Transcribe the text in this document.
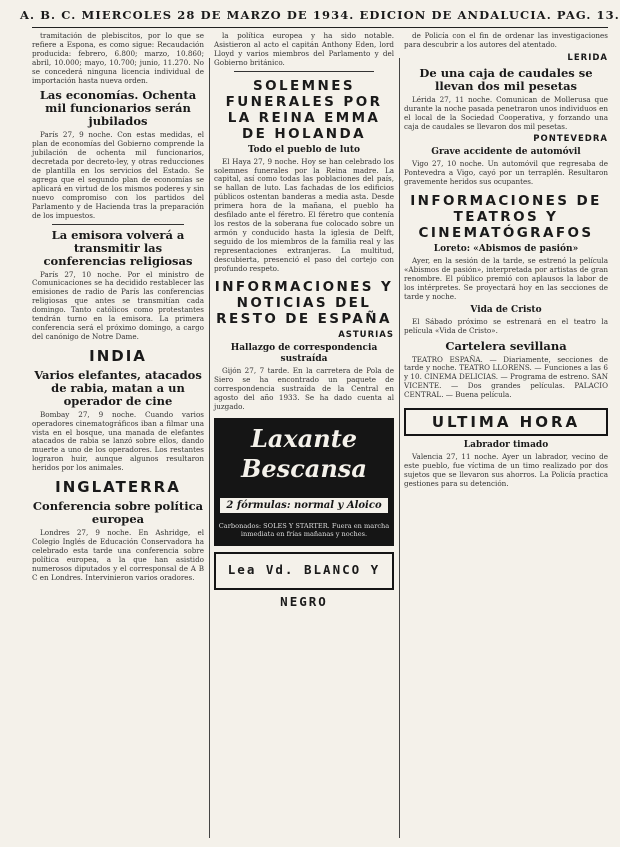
A. B. C. MIERCOLES 28 DE MARZO DE 1934. EDICION DE ANDALUCIA. PAG. 13.

tramitación de plebiscitos, por lo que se refiere a Espona, es como sigue: Recaudación producida: febrero, 6.800; marzo, 10.860; abril, 10.000; mayo, 10.700; junio, 11.270. No se concederá ninguna licencia individual de importación hasta nueva orden.

Las economías. Ochenta mil funcionarios serán jubilados

París 27, 9 noche. Con estas medidas, el plan de economías del Gobierno comprende la jubilación de ochenta mil funcionarios, decretada por decreto-ley, y otras reducciones de plantilla en los servicios del Estado. Se agrega que el segundo plan de economías se aplicará en virtud de los mismos poderes y sin nuevo compromiso con los partidos del Parlamento y de Hacienda tras la preparación de los impuestos.

La emisora volverá a transmitir las conferencias religiosas

París 27, 10 noche. Por el ministro de Comunicaciones se ha decidido restablecer las emisiones de radio de París las conferencias religiosas que antes se transmitían cada domingo. Tanto católicos como protestantes tendrán turno en la emisora. La primera conferencia será el próximo domingo, a cargo del canónigo de Notre Dame.

INDIA
Varios elefantes, atacados de rabia, matan a un operador de cine

Bombay 27, 9 noche. Cuando varios operadores cinematográficos iban a filmar una vista en el bosque, una manada de elefantes atacados de rabia se lanzó sobre ellos, dando muerte a uno de los operadores. Los restantes lograron huir, aunque algunos resultaron heridos por los animales.

INGLATERRA
Conferencia sobre política europea

Londres 27, 9 noche. En Ashridge, el Colegio Inglés de Educación Conservadora ha celebrado esta tarde una conferencia sobre política europea, a la que han asistido numerosos diputados y el corresponsal de A B C en Londres. Intervinieron varios oradores.

la política europea y ha sido notable. Asistieron al acto el capitán Anthony Eden, lord Lloyd y varios miembros del Parlamento y del Gobierno británico.

SOLEMNES FUNERALES POR LA REINA EMMA DE HOLANDA
Todo el pueblo de luto

El Haya 27, 9 noche. Hoy se han celebrado los solemnes funerales por la Reina madre. La capital, así como todas las poblaciones del país, se hallan de luto. Las fachadas de los edificios públicos ostentan banderas a media asta. Desde primera hora de la mañana, el pueblo ha desfilado ante el féretro. El féretro que contenía los restos de la soberana fue colocado sobre un armón y conducido hasta la iglesia de Delft, seguido de los miembros de la familia real y las representaciones extranjeras. La multitud, descubierta, presenció el paso del cortejo con profundo respeto.

INFORMACIONES Y NOTICIAS DEL RESTO DE ESPAÑA
ASTURIAS
Hallazgo de correspondencia sustraída

Gijón 27, 7 tarde. En la carretera de Pola de Siero se ha encontrado un paquete de correspondencia sustraída de la Central en agosto del año 1933. Se ha dado cuenta al juzgado.

Laxante
Bescansa
2 fórmulas: normal y Aloico
Carbonados: SOLES Y STARTER. Fuera en marcha inmediata en frías mañanas y noches.
Lea Vd. BLANCO Y NEGRO

de Policía con el fin de ordenar las investigaciones para descubrir a los autores del atentado.

LERIDA
De una caja de caudales se llevan dos mil pesetas

Lérida 27, 11 noche. Comunican de Mollerusa que durante la noche pasada penetraron unos individuos en el local de la Sociedad Cooperativa, y forzando una caja de caudales se llevaron dos mil pesetas.

PONTEVEDRA
Grave accidente de automóvil

Vigo 27, 10 noche. Un automóvil que regresaba de Pontevedra a Vigo, cayó por un terraplén. Resultaron gravemente heridos sus ocupantes.

INFORMACIONES DE TEATROS Y CINEMATÓGRAFOS
Loreto: «Abismos de pasión»

Ayer, en la sesión de la tarde, se estrenó la película «Abismos de pasión», interpretada por artistas de gran renombre. El público premió con aplausos la labor de los intérpretes. Se proyectará hoy en las secciones de tarde y noche.

Vida de Cristo

El Sábado próximo se estrenará en el teatro la película «Vida de Cristo».

Cartelera sevillana

TEATRO ESPAÑA. — Diariamente, secciones de tarde y noche. TEATRO LLORENS. — Funciones a las 6 y 10. CINEMA DELICIAS. — Programa de estreno. SAN VICENTE. — Dos grandes películas. PALACIO CENTRAL. — Buena película.

ULTIMA HORA
Labrador timado

Valencia 27, 11 noche. Ayer un labrador, vecino de este pueblo, fue víctima de un timo realizado por dos sujetos que se llevaron sus ahorros. La Policía practica gestiones para su detención.
